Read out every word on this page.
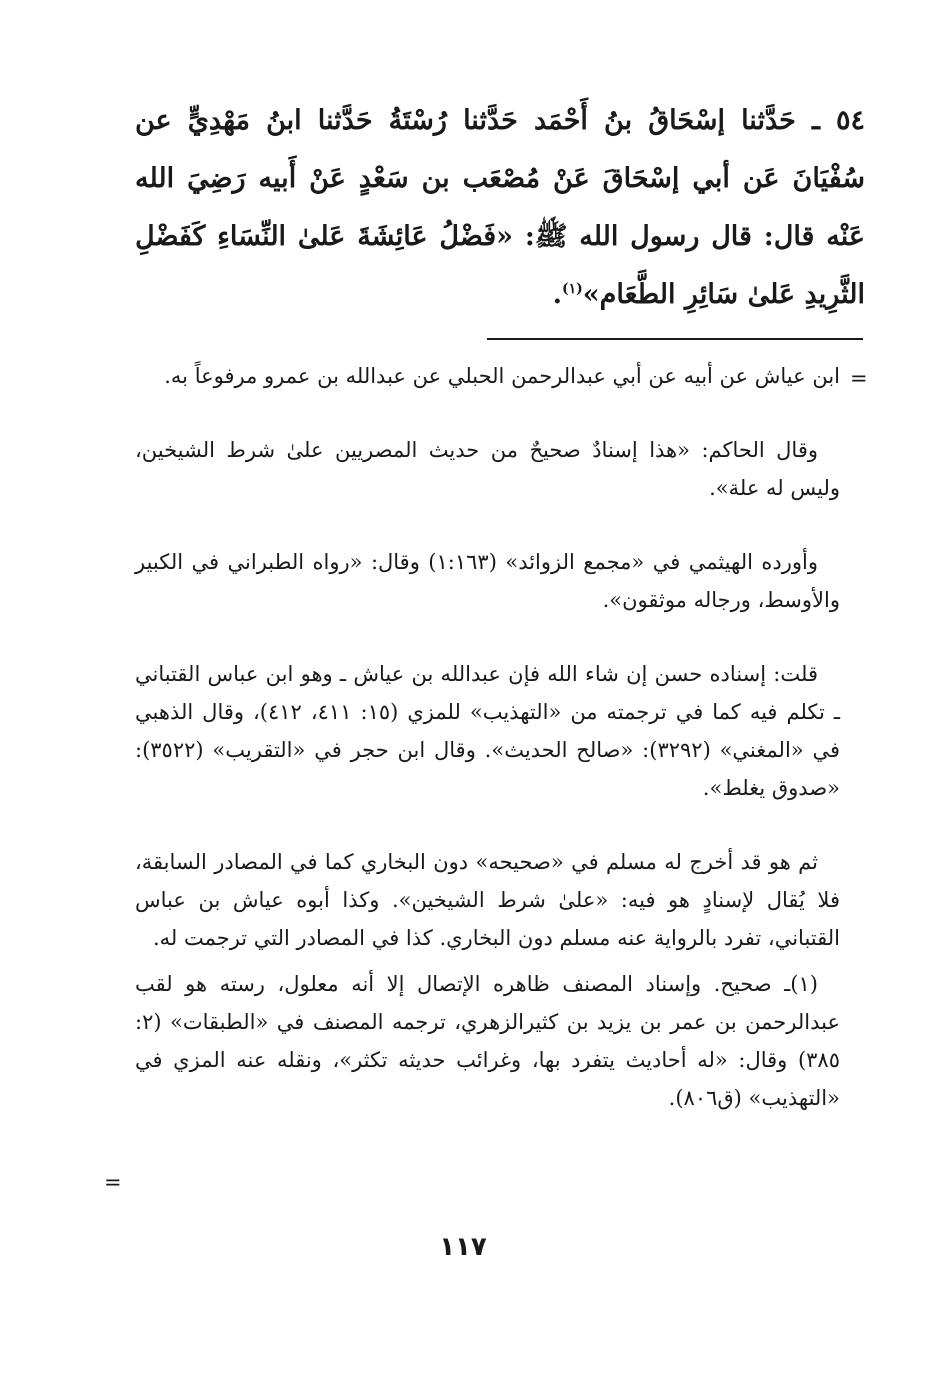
٥٤ ـ حَدَّثنا إسْحَاقُ بنُ أَحْمَد حَدَّثنا رُسْتَةُ حَدَّثنا ابنُ مَهْدِيٍّ عن سُفْيَانَ عَن أبي إسْحَاقَ عَنْ مُصْعَب بن سَعْدٍ عَنْ أَبيه رَضِيَ الله عَنْه قال: قال رسول الله ﷺ: «فَضْلُ عَائِشَةَ عَلىٰ النِّسَاءِ كَفَضْلِ الثَّرِيدِ عَلىٰ سَائِرِ الطَّعَام»$^{(١)}$.

=

ابن عياش عن أبيه عن أبي عبدالرحمن الحبلي عن عبدالله بن عمرو مرفوعاً به.

وقال الحاكم: «هذا إسنادٌ صحيحٌ من حديث المصريين علىٰ شرط الشيخين، وليس له علة».

وأورده الهيثمي في «مجمع الزوائد» (١:١٦٣) وقال: «رواه الطبراني في الكبير والأوسط، ورجاله موثقون».

قلت: إسناده حسن إن شاء الله فإن عبدالله بن عياش ـ وهو ابن عباس القتباني ـ تكلم فيه كما في ترجمته من «التهذيب» للمزي (١٥: ٤١١، ٤١٢)، وقال الذهبي في «المغني» (٣٢٩٢): «صالح الحديث». وقال ابن حجر في «التقريب» (٣٥٢٢): «صدوق يغلط».

ثم هو قد أخرج له مسلم في «صحيحه» دون البخاري كما في المصادر السابقة، فلا يُقال لإسنادٍ هو فيه: «علىٰ شرط الشيخين». وكذا أبوه عياش بن عباس القتباني، تفرد بالرواية عنه مسلم دون البخاري. كذا في المصادر التي ترجمت له.

(١)ـ صحيح. وإسناد المصنف ظاهره الإتصال إلا أنه معلول، رسته هو لقب عبدالرحمن بن عمر بن يزيد بن كثيرالزهري، ترجمه المصنف في «الطبقات» (٢: ٣٨٥) وقال: «له أحاديث يتفرد بها، وغرائب حديثه تكثر»، ونقله عنه المزي في «التهذيب» (ق٨٠٦).

=
١١٧
